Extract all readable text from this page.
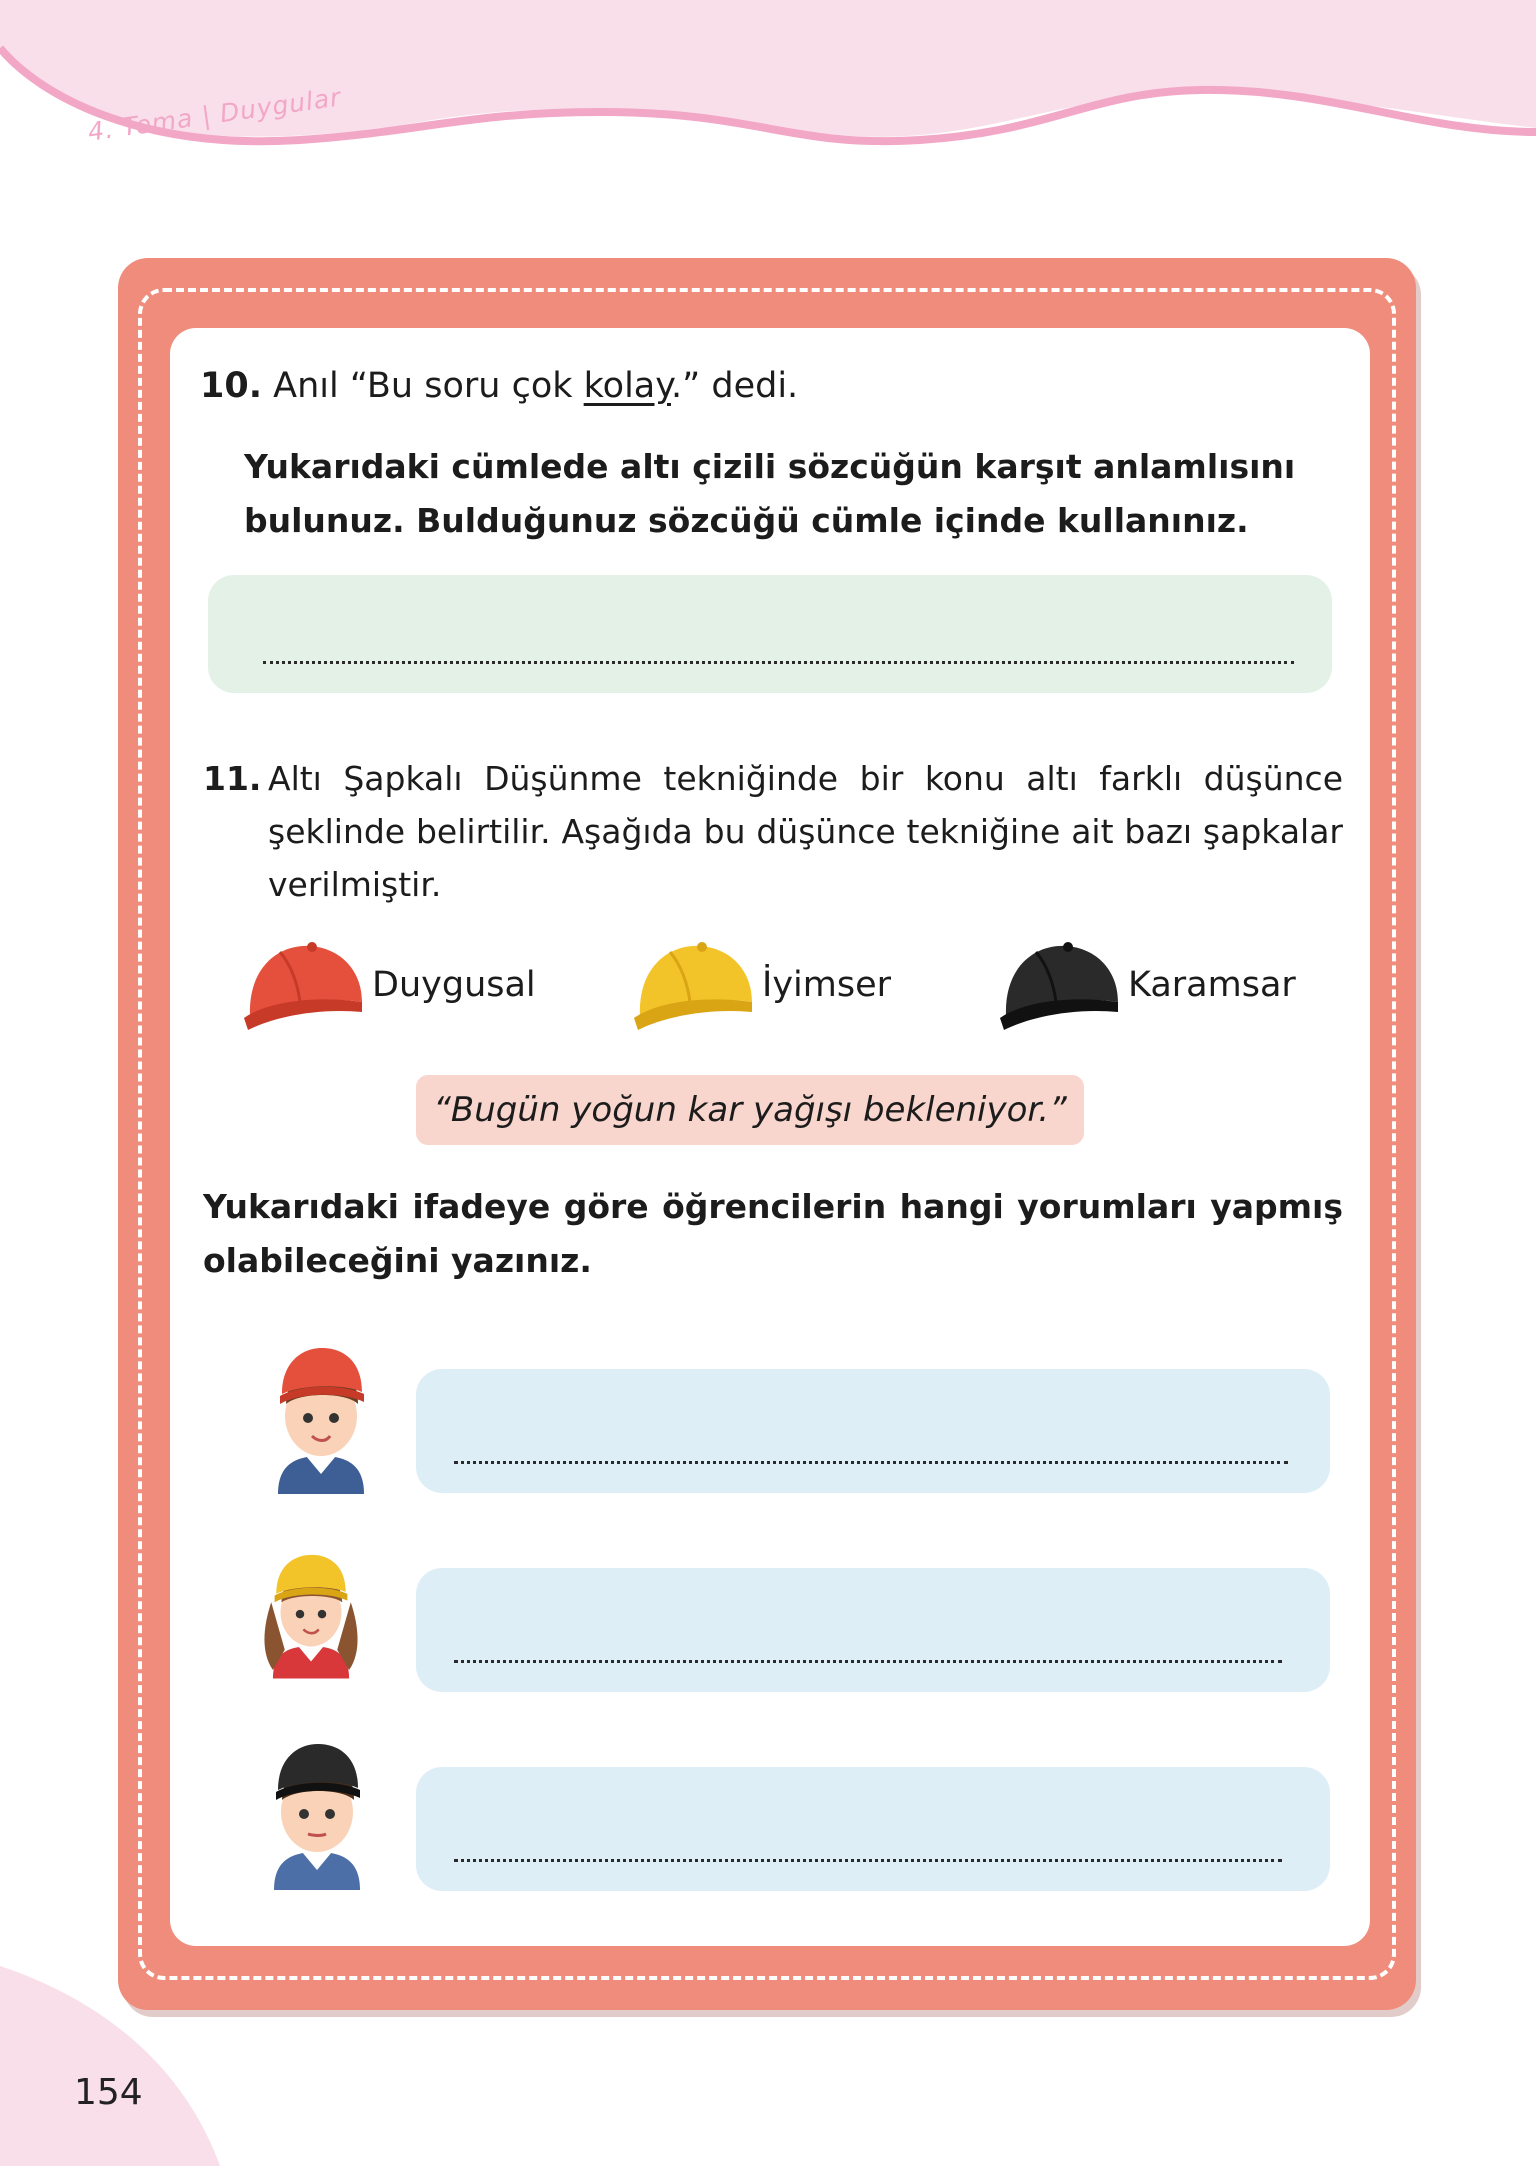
4. Tema | Duygular
10. Anıl “Bu soru çok kolay.” dedi.
Yukarıdaki cümlede altı çizili sözcüğün karşıt anlamlısını bulunuz. Bulduğunuz sözcüğü cümle içinde kullanınız.
11. Altı Şapkalı Düşünme tekniğinde bir konu altı farklı düşünce şeklinde belirtilir. Aşağıda bu düşünce tekniğine ait bazı şapkalar verilmiştir.
Duygusal	İyimser	Karamsar
“Bugün yoğun kar yağışı bekleniyor.”
Yukarıdaki ifadeye göre öğrencilerin hangi yorumları yapmış olabileceğini yazınız.
154
